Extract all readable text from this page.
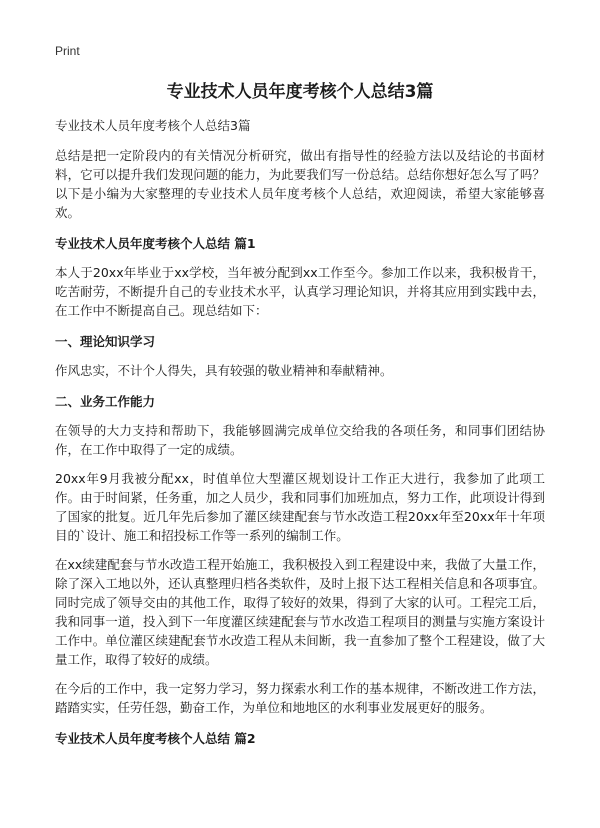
Print
专业技术人员年度考核个人总结3篇

专业技术人员年度考核个人总结3篇

总结是把一定阶段内的有关情况分析研究，做出有指导性的经验方法以及结论的书面材料，它可以提升我们发现问题的能力，为此要我们写一份总结。总结你想好怎么写了吗？以下是小编为大家整理的专业技术人员年度考核个人总结，欢迎阅读，希望大家能够喜欢。

专业技术人员年度考核个人总结 篇1

本人于20xx年毕业于xx学校，当年被分配到xx工作至今。参加工作以来，我积极肯干，吃苦耐劳，不断提升自己的专业技术水平，认真学习理论知识，并将其应用到实践中去，在工作中不断提高自己。现总结如下：

一、理论知识学习

作风忠实，不计个人得失，具有较强的敬业精神和奉献精神。

二、业务工作能力

在领导的大力支持和帮助下，我能够圆满完成单位交给我的各项任务，和同事们团结协作，在工作中取得了一定的成绩。

20xx年9月我被分配xx，时值单位大型灌区规划设计工作正大进行，我参加了此项工作。由于时间紧，任务重，加之人员少，我和同事们加班加点，努力工作，此项设计得到了国家的批复。近几年先后参加了灌区续建配套与节水改造工程20xx年至20xx年十年项目的`设计、施工和招投标工作等一系列的编制工作。

在xx续建配套与节水改造工程开始施工，我积极投入到工程建设中来，我做了大量工作，除了深入工地以外，还认真整理归档各类软件，及时上报下达工程相关信息和各项事宜。同时完成了领导交由的其他工作，取得了较好的效果，得到了大家的认可。工程完工后，我和同事一道，投入到下一年度灌区续建配套与节水改造工程项目的测量与实施方案设计工作中。单位灌区续建配套节水改造工程从未间断，我一直参加了整个工程建设，做了大量工作，取得了较好的成绩。

在今后的工作中，我一定努力学习，努力探索水利工作的基本规律，不断改进工作方法，踏踏实实，任劳任怨，勤奋工作，为单位和地地区的水利事业发展更好的服务。

专业技术人员年度考核个人总结 篇2
